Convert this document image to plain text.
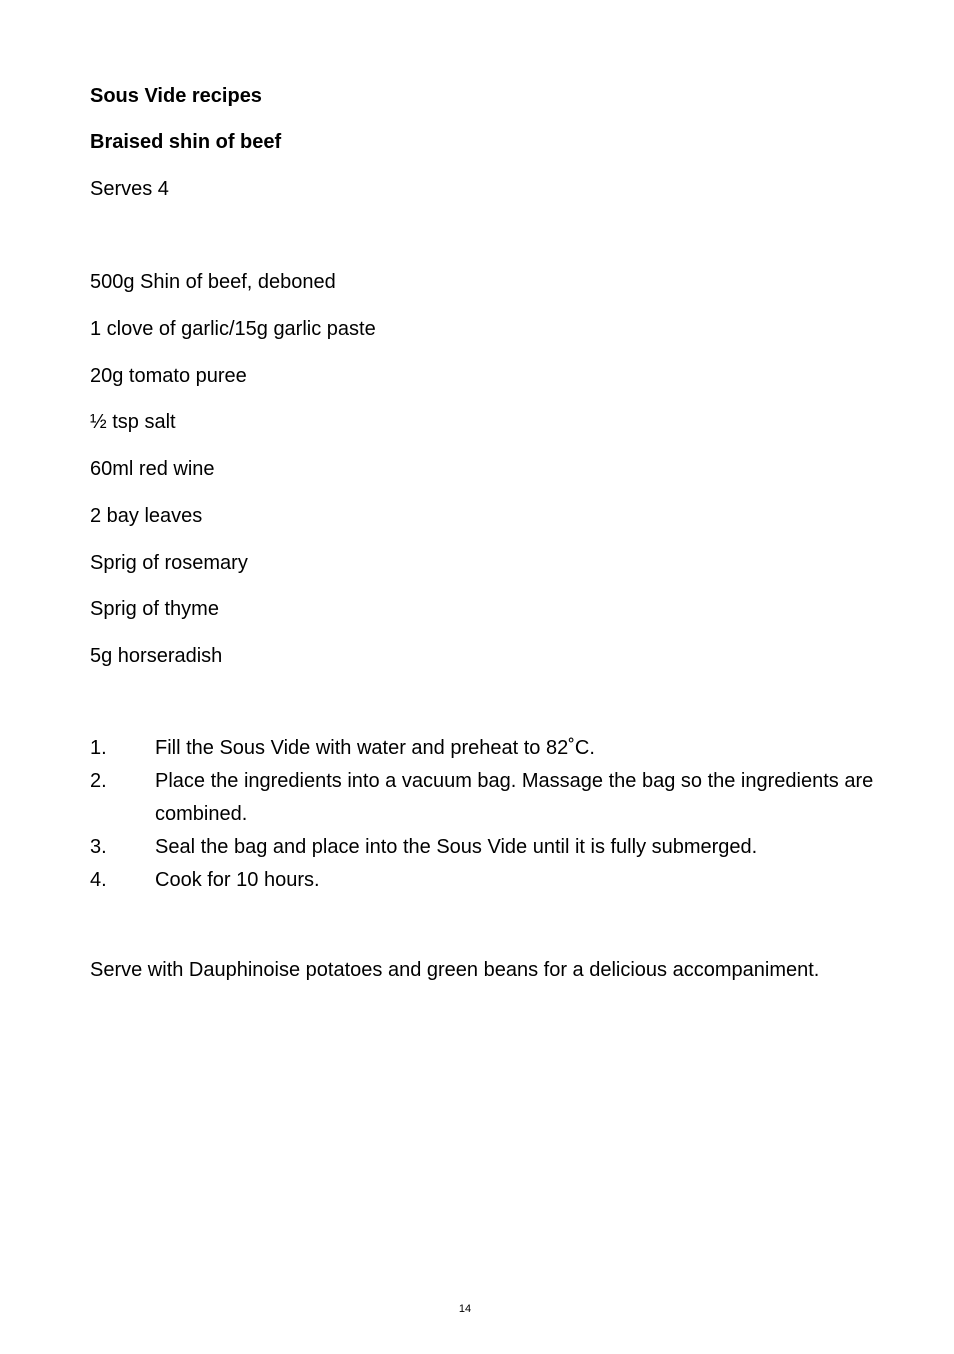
Sous Vide recipes
Braised shin of beef
Serves 4
500g Shin of beef, deboned
1 clove of garlic/15g garlic paste
20g tomato puree
½ tsp salt
60ml red wine
2 bay leaves
Sprig of rosemary
Sprig of thyme
5g horseradish
1. Fill the Sous Vide with water and preheat to 82˚C.
2. Place the ingredients into a vacuum bag. Massage the bag so the ingredients are combined.
3. Seal the bag and place into the Sous Vide until it is fully submerged.
4. Cook for 10 hours.
Serve with Dauphinoise potatoes and green beans for a delicious accompaniment.
14
